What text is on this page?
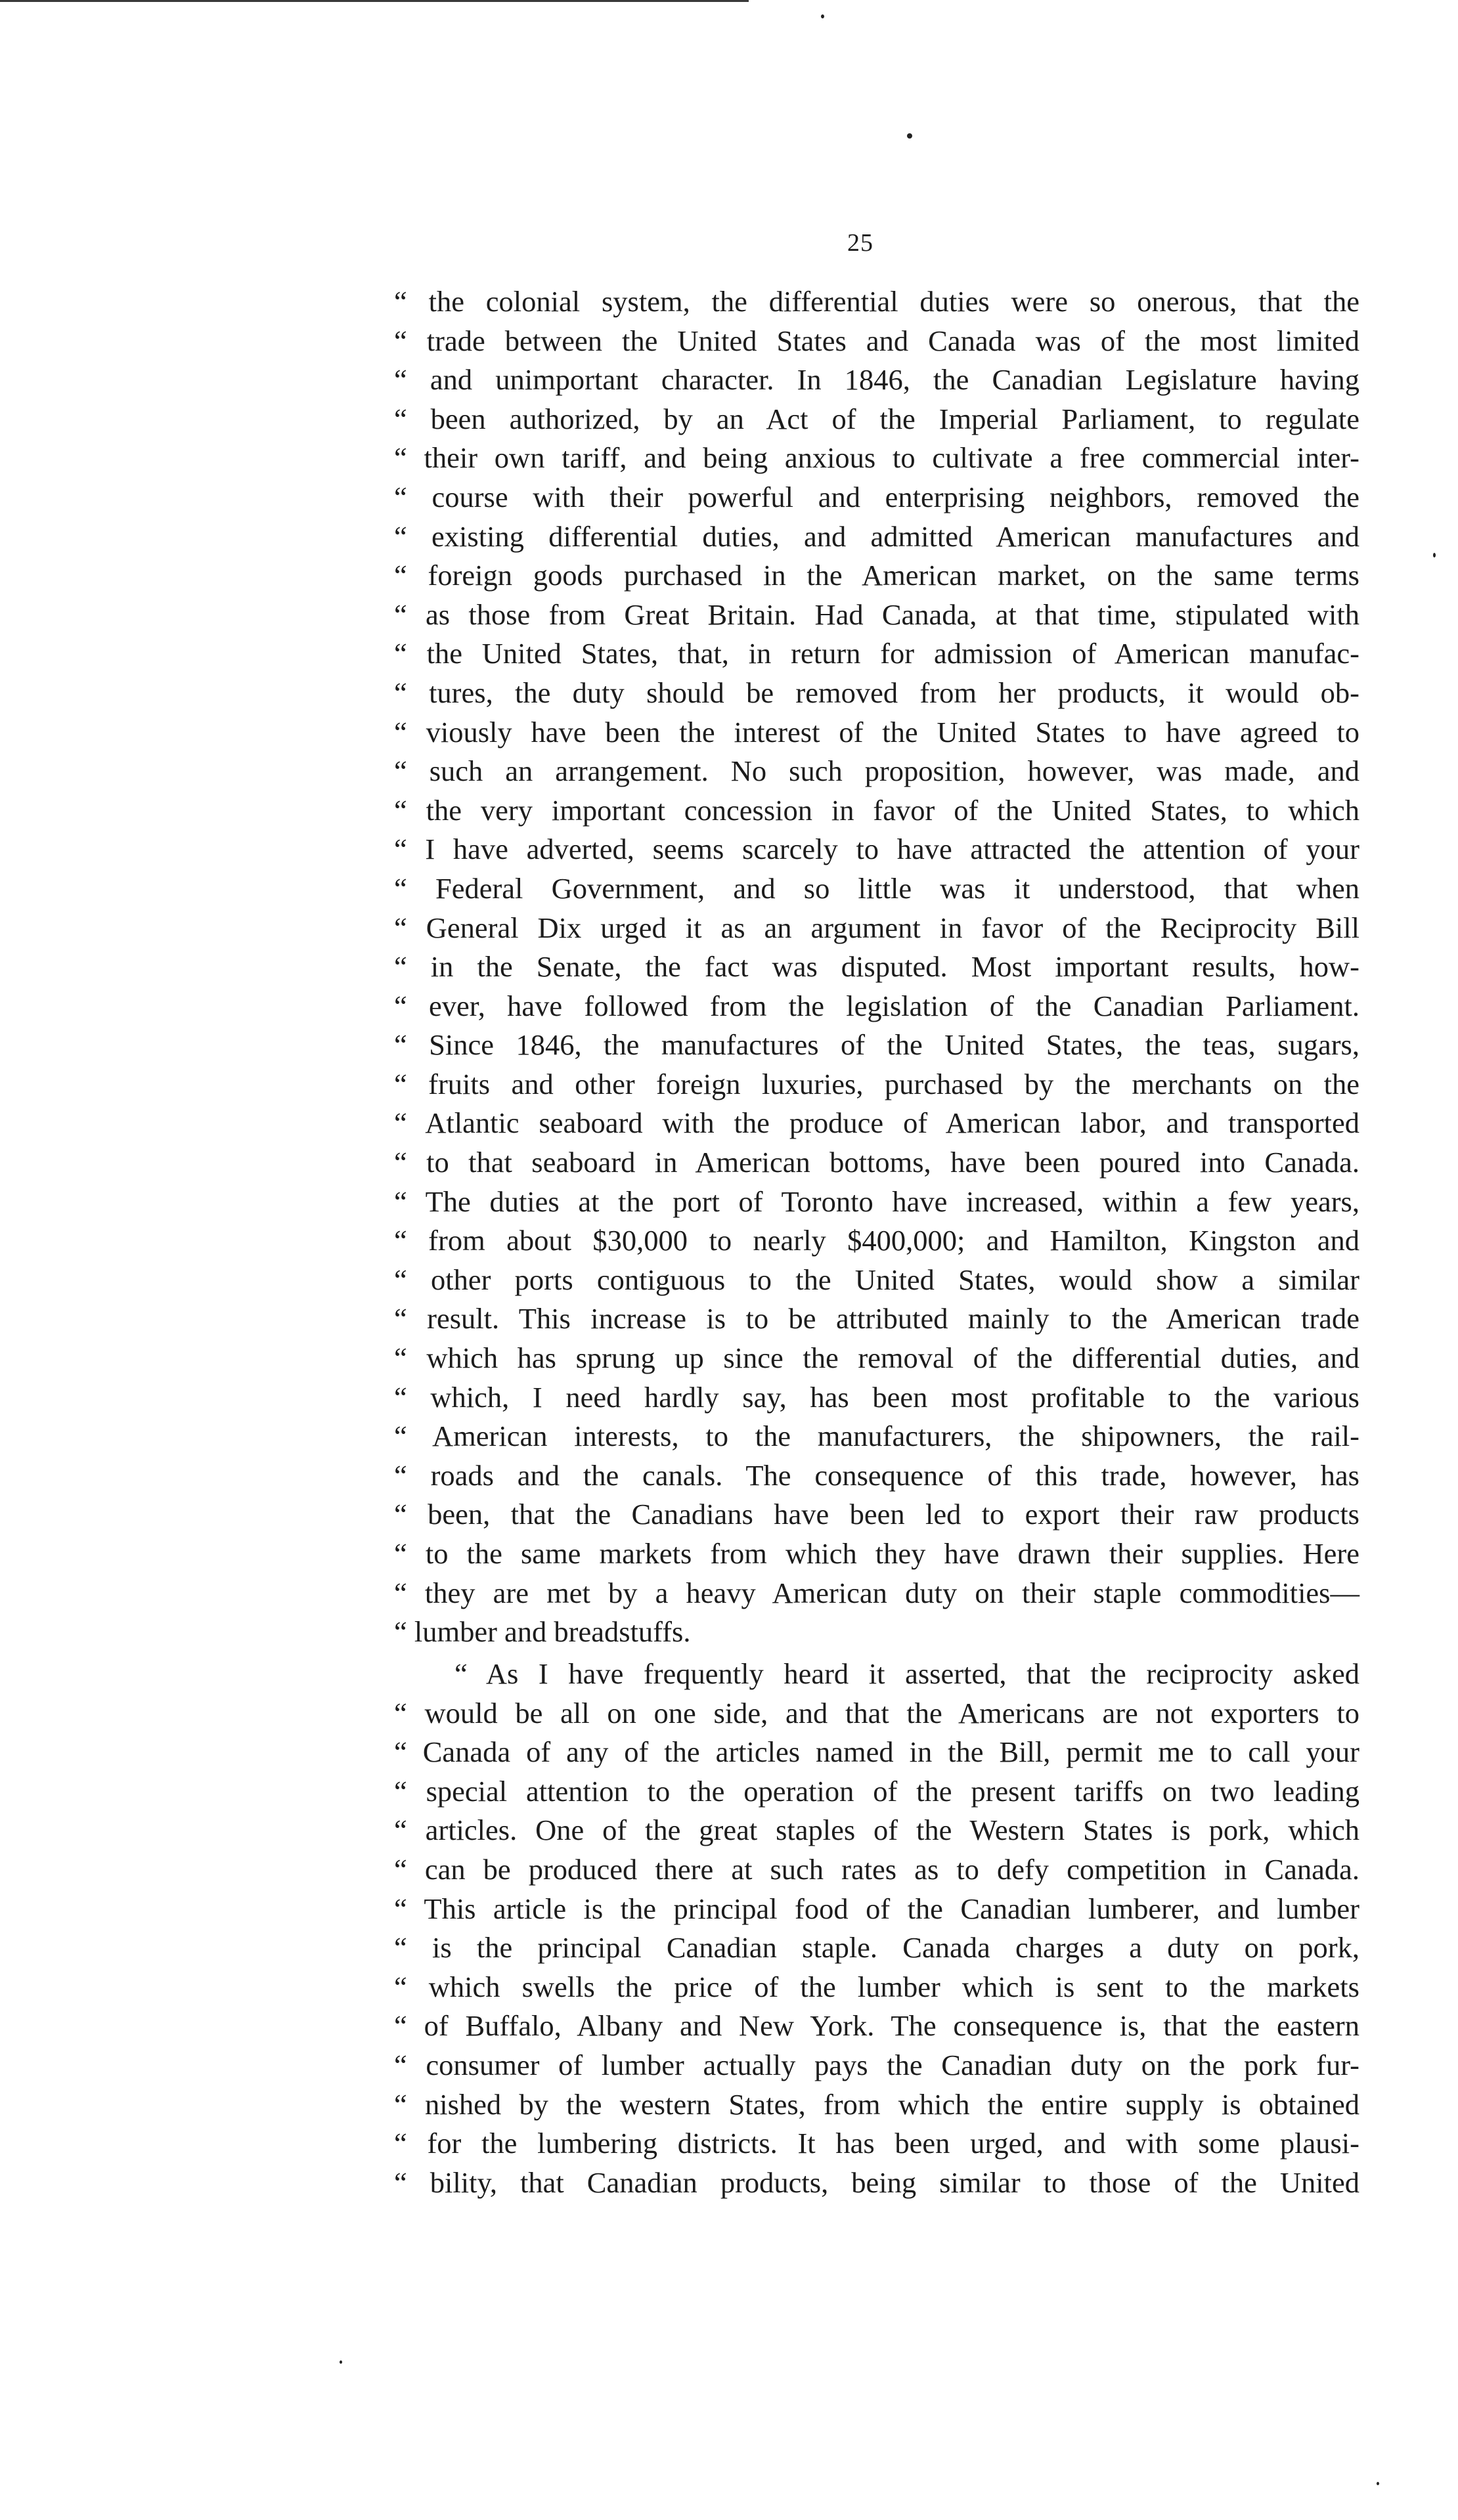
25
“ the colonial system, the differential duties were so onerous, that the
“ trade between the United States and Canada was of the most limited
“ and unimportant character. In 1846, the Canadian Legislature having
“ been authorized, by an Act of the Imperial Parliament, to regulate
“ their own tariff, and being anxious to cultivate a free commercial inter-
“ course with their powerful and enterprising neighbors, removed the
“ existing differential duties, and admitted American manufactures and
“ foreign goods purchased in the American market, on the same terms
“ as those from Great Britain. Had Canada, at that time, stipulated with
“ the United States, that, in return for admission of American manufac-
“ tures, the duty should be removed from her products, it would ob-
“ viously have been the interest of the United States to have agreed to
“ such an arrangement. No such proposition, however, was made, and
“ the very important concession in favor of the United States, to which
“ I have adverted, seems scarcely to have attracted the attention of your
“ Federal Government, and so little was it understood, that when
“ General Dix urged it as an argument in favor of the Reciprocity Bill
“ in the Senate, the fact was disputed. Most important results, how-
“ ever, have followed from the legislation of the Canadian Parliament.
“ Since 1846, the manufactures of the United States, the teas, sugars,
“ fruits and other foreign luxuries, purchased by the merchants on the
“ Atlantic seaboard with the produce of American labor, and transported
“ to that seaboard in American bottoms, have been poured into Canada.
“ The duties at the port of Toronto have increased, within a few years,
“ from about $30,000 to nearly $400,000; and Hamilton, Kingston and
“ other ports contiguous to the United States, would show a similar
“ result. This increase is to be attributed mainly to the American trade
“ which has sprung up since the removal of the differential duties, and
“ which, I need hardly say, has been most profitable to the various
“ American interests, to the manufacturers, the shipowners, the rail-
“ roads and the canals. The consequence of this trade, however, has
“ been, that the Canadians have been led to export their raw products
“ to the same markets from which they have drawn their supplies. Here
“ they are met by a heavy American duty on their staple commodities—
“ lumber and breadstuffs.
“ As I have frequently heard it asserted, that the reciprocity asked
“ would be all on one side, and that the Americans are not exporters to
“ Canada of any of the articles named in the Bill, permit me to call your
“ special attention to the operation of the present tariffs on two leading
“ articles. One of the great staples of the Western States is pork, which
“ can be produced there at such rates as to defy competition in Canada.
“ This article is the principal food of the Canadian lumberer, and lumber
“ is the principal Canadian staple. Canada charges a duty on pork,
“ which swells the price of the lumber which is sent to the markets
“ of Buffalo, Albany and New York. The consequence is, that the eastern
“ consumer of lumber actually pays the Canadian duty on the pork fur-
“ nished by the western States, from which the entire supply is obtained
“ for the lumbering districts. It has been urged, and with some plausi-
“ bility, that Canadian products, being similar to those of the United
